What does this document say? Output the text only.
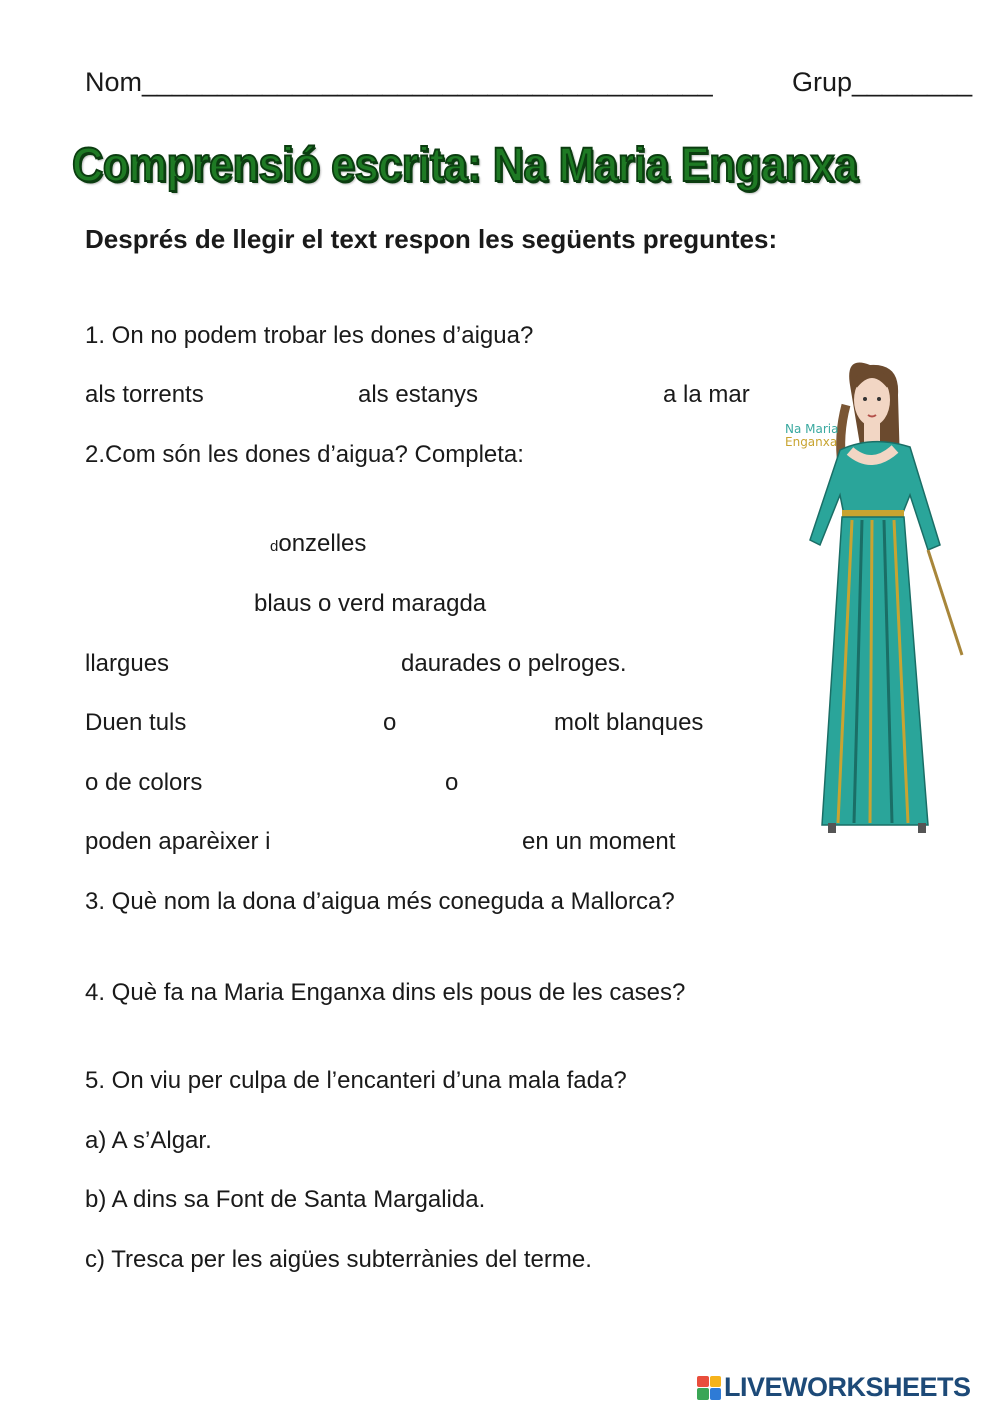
Nom______________________________________	Grup________
Comprensió escrita: Na Maria Enganxa
Després de llegir el text respon les següents preguntes:
1. On no podem trobar les dones d’aigua?
als torrents	als estanys	a la mar
2.Com són les dones d’aigua? Completa:
donzelles
blaus o verd maragda
llargues	daurades o pelroges.
Duen tuls	o	molt blanques
o de colors	o
poden aparèixer i	en un moment
3. Què nom la dona d’aigua més coneguda a Mallorca?
4. Què fa na Maria Enganxa dins els pous de les cases?
5. On viu per culpa de l’encanteri d’una mala fada?
a) A s’Algar.
b) A dins sa Font de Santa Margalida.
c) Tresca per les aigües subterrànies del terme.
Na Maria
Enganxa
LIVEWORKSHEETS
